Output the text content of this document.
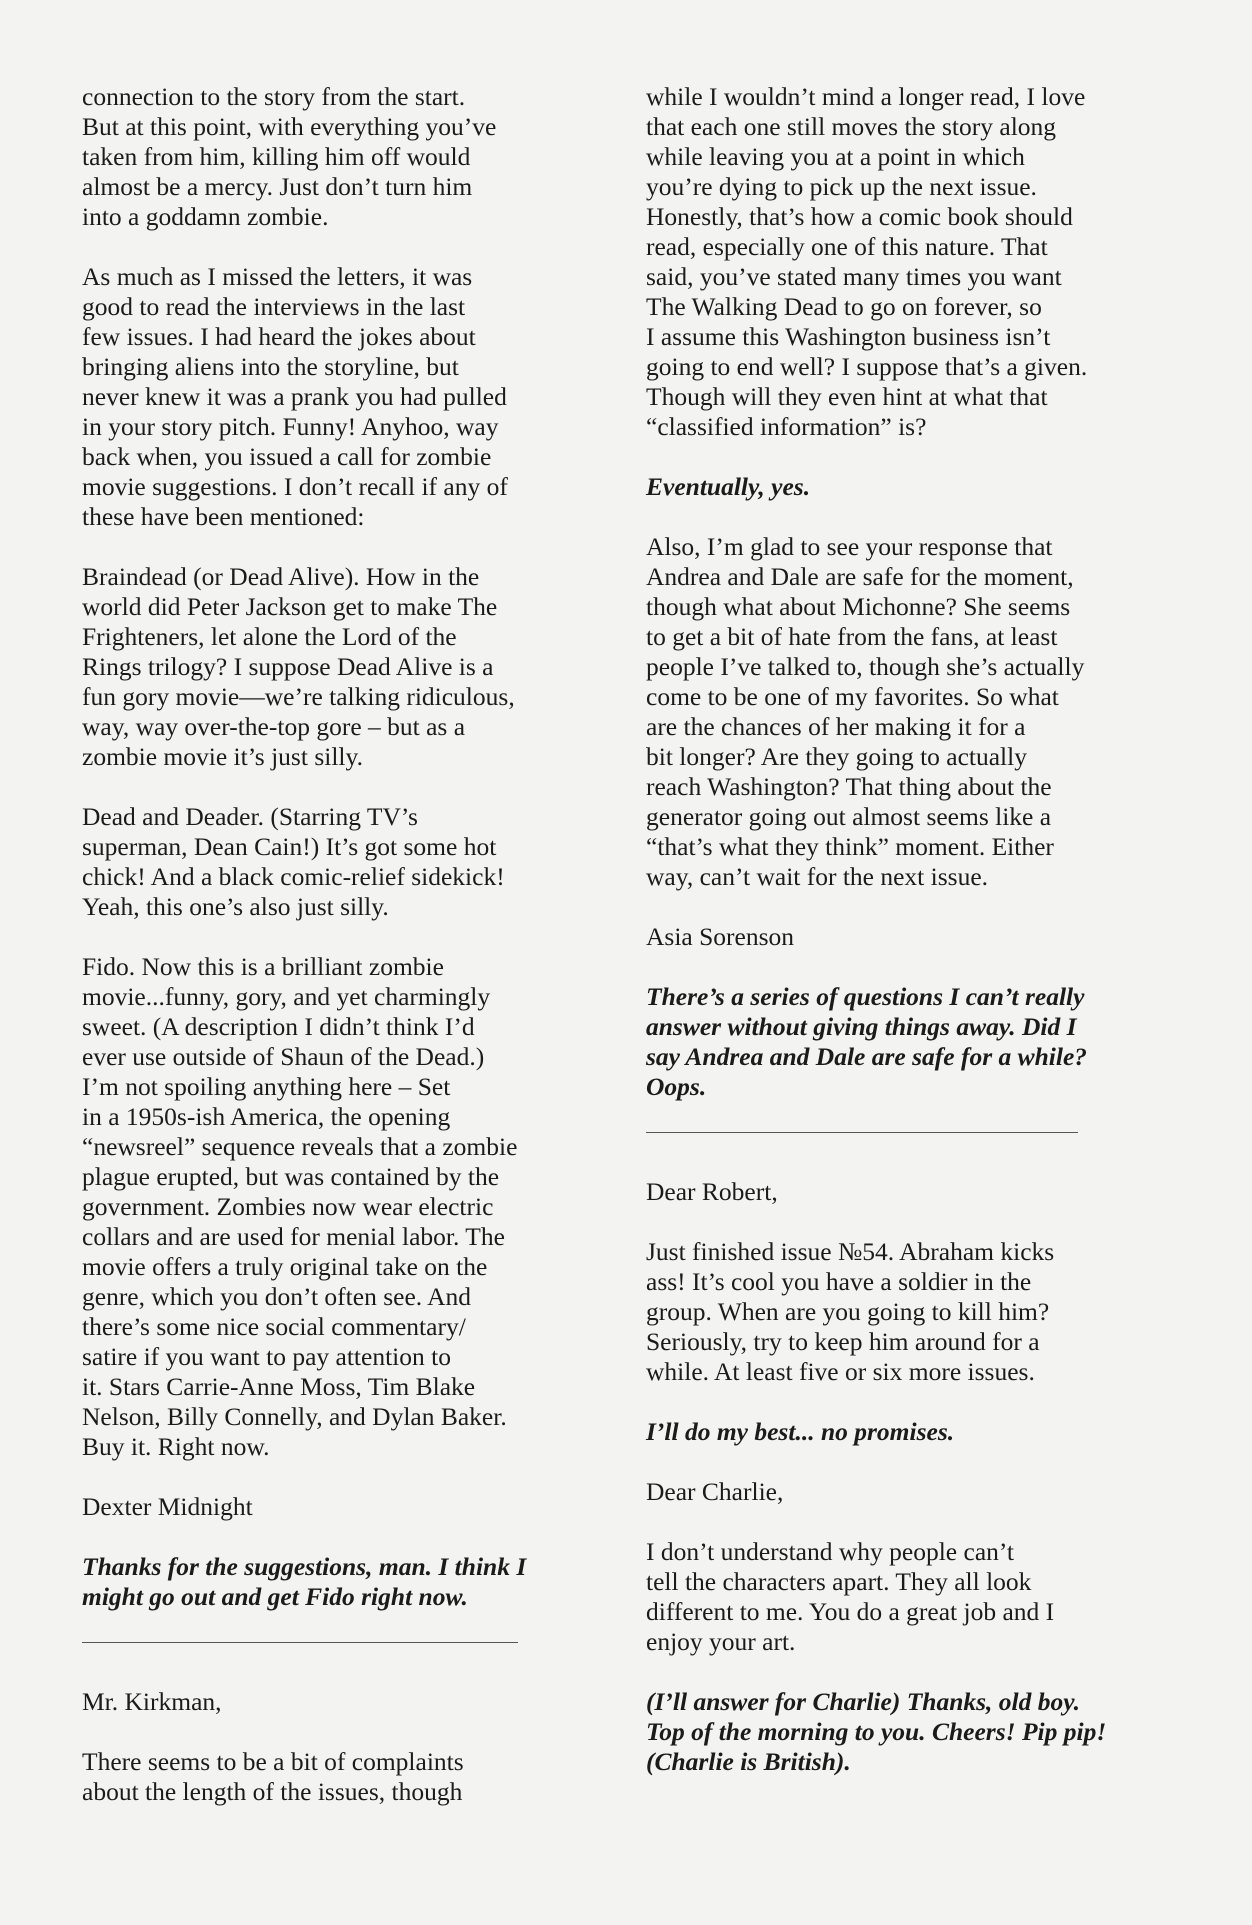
connection to the story from the start.
But at this point, with everything you’ve
taken from him, killing him off would
almost be a mercy. Just don’t turn him
into a goddamn zombie.

As much as I missed the letters, it was
good to read the interviews in the last
few issues. I had heard the jokes about
bringing aliens into the storyline, but
never knew it was a prank you had pulled
in your story pitch. Funny! Anyhoo, way
back when, you issued a call for zombie
movie suggestions. I don’t recall if any of
these have been mentioned:

Braindead (or Dead Alive). How in the
world did Peter Jackson get to make The
Frighteners, let alone the Lord of the
Rings trilogy? I suppose Dead Alive is a
fun gory movie—we’re talking ridiculous,
way, way over-the-top gore – but as a
zombie movie it’s just silly.

Dead and Deader. (Starring TV’s
superman, Dean Cain!) It’s got some hot
chick! And a black comic-relief sidekick!
Yeah, this one’s also just silly.

Fido. Now this is a brilliant zombie
movie...funny, gory, and yet charmingly
sweet. (A description I didn’t think I’d
ever use outside of Shaun of the Dead.)
I’m not spoiling anything here – Set
in a 1950s-ish America, the opening
“newsreel” sequence reveals that a zombie
plague erupted, but was contained by the
government. Zombies now wear electric
collars and are used for menial labor. The
movie offers a truly original take on the
genre, which you don’t often see. And
there’s some nice social commentary/
satire if you want to pay attention to
it. Stars Carrie-Anne Moss, Tim Blake
Nelson, Billy Connelly, and Dylan Baker.
Buy it. Right now.

Dexter Midnight

Thanks for the suggestions, man. I think I
might go out and get Fido right now.

Mr. Kirkman,

There seems to be a bit of complaints
about the length of the issues, though

while I wouldn’t mind a longer read, I love
that each one still moves the story along
while leaving you at a point in which
you’re dying to pick up the next issue.
Honestly, that’s how a comic book should
read, especially one of this nature. That
said, you’ve stated many times you want
The Walking Dead to go on forever, so
I assume this Washington business isn’t
going to end well? I suppose that’s a given.
Though will they even hint at what that
“classified information” is?

Eventually, yes.

Also, I’m glad to see your response that
Andrea and Dale are safe for the moment,
though what about Michonne? She seems
to get a bit of hate from the fans, at least
people I’ve talked to, though she’s actually
come to be one of my favorites. So what
are the chances of her making it for a
bit longer? Are they going to actually
reach Washington? That thing about the
generator going out almost seems like a
“that’s what they think” moment. Either
way, can’t wait for the next issue.

Asia Sorenson

There’s a series of questions I can’t really
answer without giving things away. Did I
say Andrea and Dale are safe for a while?
Oops.

Dear Robert,

Just finished issue №54. Abraham kicks
ass! It’s cool you have a soldier in the
group. When are you going to kill him?
Seriously, try to keep him around for a
while. At least five or six more issues.

I’ll do my best... no promises.

Dear Charlie,

I don’t understand why people can’t
tell the characters apart. They all look
different to me. You do a great job and I
enjoy your art.

(I’ll answer for Charlie) Thanks, old boy.
Top of the morning to you. Cheers! Pip pip!
(Charlie is British).
